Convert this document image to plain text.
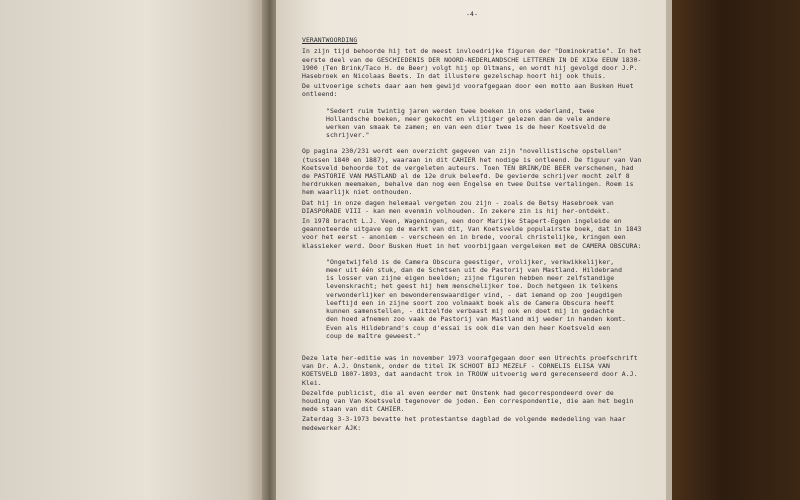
-4-
VERANTWOORDING

In zijn tijd behoorde hij tot de meest invloedrijke figuren der "Dominokratie". In het eerste deel van de GESCHIEDENIS DER NOORD-NEDERLANDSCHE LETTEREN IN DE XIXe EEUW 1830-1900 (Ten Brink/Taco H. de Beer) volgt hij op Oltmans, en wordt hij gevolgd door J.P. Hasebroek en Nicolaas Beets. In dat illustere gezelschap hoort hij ook thuis.

De uitvoerige schets daar aan hem gewijd voorafgegaan door een motto aan Busken Huet ontleend:

"Sedert ruim twintig jaren werden twee boeken in ons vaderland, twee Hollandsche boeken, meer gekocht en vlijtiger gelezen dan de vele andere werken van smaak te zamen; en van een dier twee is de heer Koetsveld de schrijver."

Op pagina 230/231 wordt een overzicht gegeven van zijn "novellistische opstellen" (tussen 1840 en 1887), waaraan in dit CAHIER het nodige is ontleend. De figuur van Van Koetsveld behoorde tot de vergeleten auteurs. Toen TEN BRINK/DE BEER verschenen, had de PASTORIE VAN MASTLAND al de 12e druk beleefd. De gevierde schrijver mocht zelf 8 herdrukken meemaken, behalve dan nog een Engelse en twee Duitse vertalingen. Roem is hem waarlijk niet onthouden.

Dat hij in onze dagen helemaal vergeten zou zijn - zoals de Betsy Hasebroek van DIASPORADE VIII - kan men evenmin volhouden. In zekere zin is hij her-ontdekt.

In 1978 bracht L.J. Veen, Wageningen, een door Marijke Stapert-Eggen ingeleide en geannoteerde uitgave op de markt van dit, Van Koetsvelde populairste boek, dat in 1843 voor het eerst - anoniem - verscheen en in brede, vooral christelijke, kringen een klassieker werd. Door Busken Huet in het voorbijgaan vergeleken met de CAMERA OBSCURA:

"Ongetwijfeld is de Camera Obscura geestiger, vrolijker, verkwikkelijker, meer uit één stuk, dan de Schetsen uit de Pastorij van Mastland. Hildebrand is losser van zijne eigen beelden; zijne figuren hebben meer zelfstandige levenskracht; het geest hij hem menschelijker toe. Doch hetgeen ik telkens verwonderlijker en bewonderenswaardiger vind, - dat iemand op zoo jeugdigen leeftijd een in zijne soort zoo volmaakt boek als de Camera Obscura heeft kunnen samenstellen, - ditzelfde verbaast mij ook en doet mij in gedachte den hoed afnemen zoo vaak de Pastorij van Mastland mij weder in handen komt. Even als Hildebrand's coup d'essai is ook die van den heer Koetsveld een coup de maître geweest."

Deze late her-editie was in november 1973 voorafgegaan door een Utrechts proefschrift van Dr. A.J. Onstenk, onder de titel IK SCHOOT BIJ MEZELF - CORNELIS ELISA VAN KOETSVELD 1807-1893, dat aandacht trok in TROUW uitvoerig werd gerecenseerd door A.J. Klei.

Dezelfde publicist, die al even eerder met Onstenk had gecorrespondeerd over de houding van Van Koetsveld tegenover de joden. Een correspondentie, die aan het begin mede staan van dit CAHIER.

Zaterdag 3-3-1973 bevatte het protestantse dagblad de volgende mededeling van haar medewerker AJK:
